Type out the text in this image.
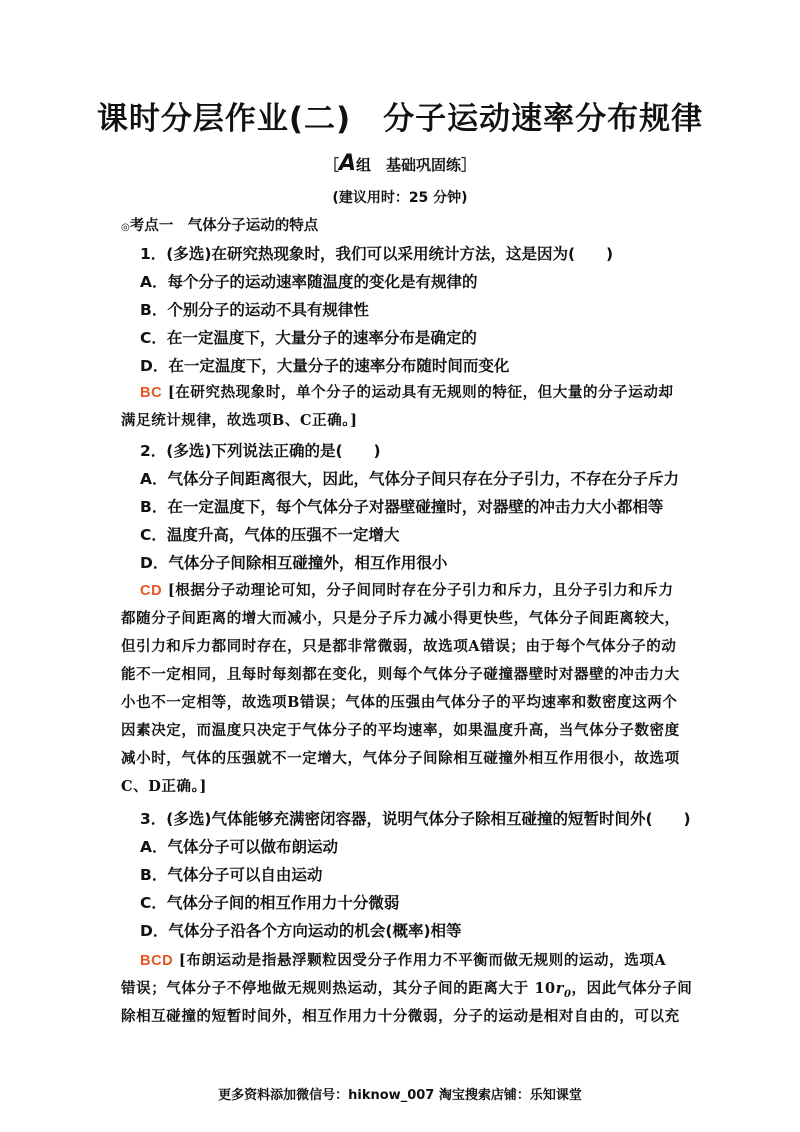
课时分层作业(二)　分子运动速率分布规律
［A组　基础巩固练］
(建议用时：25 分钟)
◎考点一　气体分子运动的特点
1．(多选)在研究热现象时，我们可以采用统计方法，这是因为(　　)
A．每个分子的运动速率随温度的变化是有规律的
B．个别分子的运动不具有规律性
C．在一定温度下，大量分子的速率分布是确定的
D．在一定温度下，大量分子的速率分布随时间而变化
BC [在研究热现象时，单个分子的运动具有无规则的特征，但大量的分子运动却
满足统计规律，故选项B、C正确。]
2．(多选)下列说法正确的是(　　)
A．气体分子间距离很大，因此，气体分子间只存在分子引力，不存在分子斥力
B．在一定温度下，每个气体分子对器壁碰撞时，对器壁的冲击力大小都相等
C．温度升高，气体的压强不一定增大
D．气体分子间除相互碰撞外，相互作用很小
CD [根据分子动理论可知，分子间同时存在分子引力和斥力，且分子引力和斥力
都随分子间距离的增大而减小，只是分子斥力减小得更快些，气体分子间距离较大，
但引力和斥力都同时存在，只是都非常微弱，故选项A错误；由于每个气体分子的动
能不一定相同，且每时每刻都在变化，则每个气体分子碰撞器壁时对器壁的冲击力大
小也不一定相等，故选项B错误；气体的压强由气体分子的平均速率和数密度这两个
因素决定，而温度只决定于气体分子的平均速率，如果温度升高，当气体分子数密度
减小时，气体的压强就不一定增大，气体分子间除相互碰撞外相互作用很小，故选项
C、D正确。]
3．(多选)气体能够充满密闭容器，说明气体分子除相互碰撞的短暂时间外(　　)
A．气体分子可以做布朗运动
B．气体分子可以自由运动
C．气体分子间的相互作用力十分微弱
D．气体分子沿各个方向运动的机会(概率)相等
BCD [布朗运动是指悬浮颗粒因受分子作用力不平衡而做无规则的运动，选项A
错误；气体分子不停地做无规则热运动，其分子间的距离大于 $10r_0$，因此气体分子间
除相互碰撞的短暂时间外，相互作用力十分微弱，分子的运动是相对自由的，可以充
更多资料添加微信号：hiknow_007 淘宝搜索店铺：乐知课堂
